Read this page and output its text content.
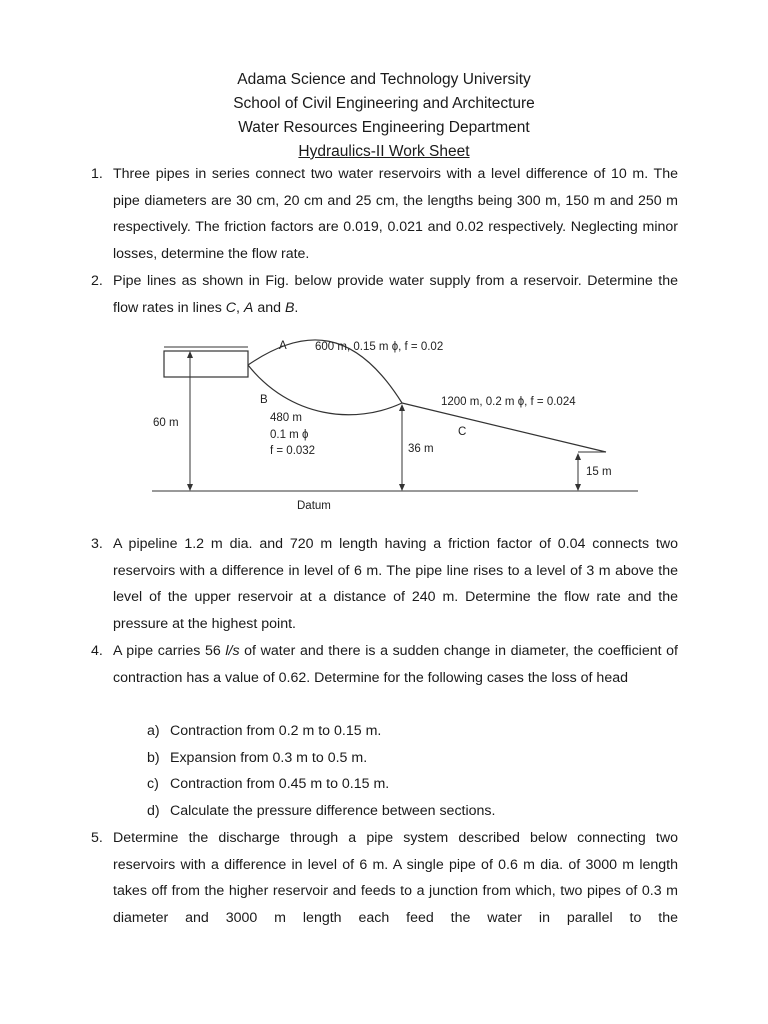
Adama Science and Technology University
School of Civil Engineering and Architecture
Water Resources Engineering Department
Hydraulics-II Work Sheet
1. Three pipes in series connect two water reservoirs with a level difference of 10 m. The pipe diameters are 30 cm, 20 cm and 25 cm, the lengths being 300 m, 150 m and 250 m respectively. The friction factors are 0.019, 0.021 and 0.02 respectively. Neglecting minor losses, determine the flow rate.

2. Pipe lines as shown in Fig. below provide water supply from a reservoir. Determine the flow rates in lines C, A and B.

A 600 m, 0.15 m ϕ, f = 0.02
B
480 m
0.1 m ϕ
f = 0.032
1200 m, 0.2 m ϕ, f = 0.024
C
60 m
36 m
15 m
Datum
3. A pipeline 1.2 m dia. and 720 m length having a friction factor of 0.04 connects two reservoirs with a difference in level of 6 m. The pipe line rises to a level of 3 m above the level of the upper reservoir at a distance of 240 m. Determine the flow rate and the pressure at the highest point.

4. A pipe carries 56 l/s of water and there is a sudden change in diameter, the coefficient of contraction has a value of 0.62. Determine for the following cases the loss of head

a) Contraction from 0.2 m to 0.15 m.
b) Expansion from 0.3 m to 0.5 m.
c) Contraction from 0.45 m to 0.15 m.
d) Calculate the pressure difference between sections.
5. Determine the discharge through a pipe system described below connecting two reservoirs with a difference in level of 6 m. A single pipe of 0.6 m dia. of 3000 m length takes off from the higher reservoir and feeds to a junction from which, two pipes of 0.3 m diameter and 3000 m length each feed the water in parallel to the
